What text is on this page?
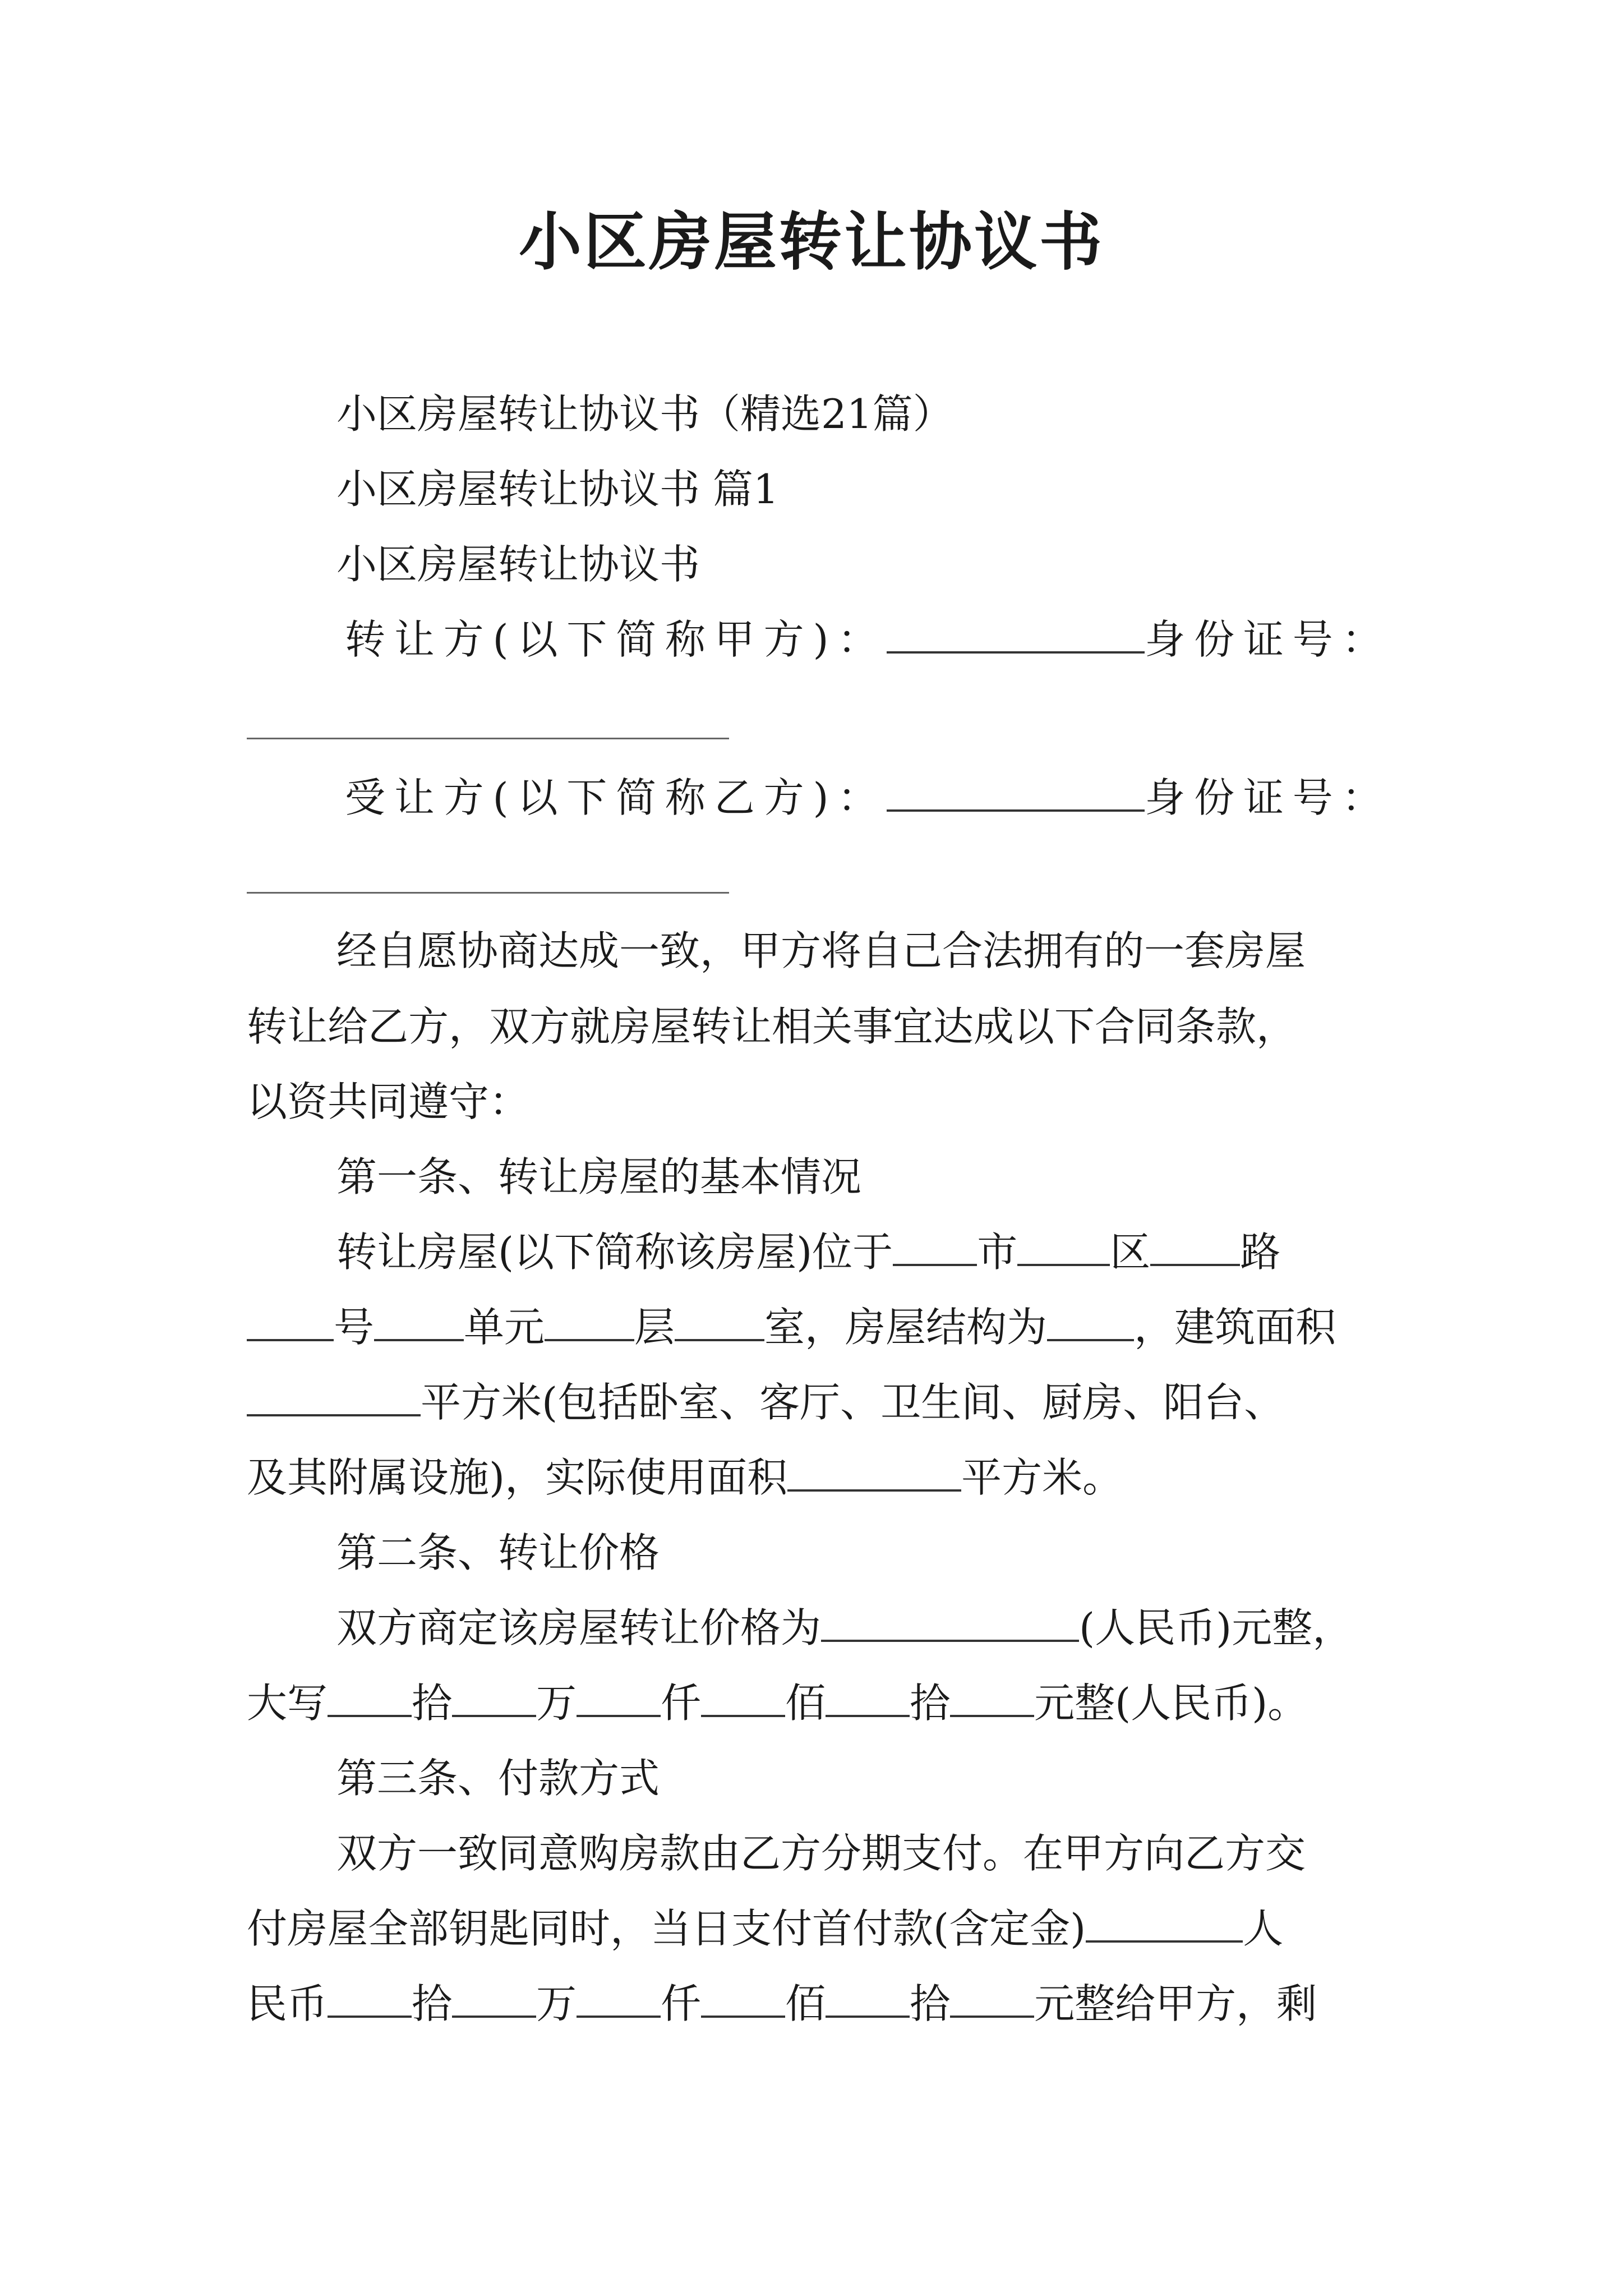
小区房屋转让协议书
小区房屋转让协议书（精选21篇）
小区房屋转让协议书 篇1
小区房屋转让协议书
转让方(以下简称甲方)：	身份证号：
受让方(以下简称乙方)：	身份证号：
经自愿协商达成一致，甲方将自己合法拥有的一套房屋
转让给乙方，双方就房屋转让相关事宜达成以下合同条款，
以资共同遵守：
第一条、转让房屋的基本情况
转让房屋(以下简称该房屋)位于 市 区 路
号 单元 层 室，房屋结构为 ，建筑面积
平方米(包括卧室、客厅、卫生间、厨房、阳台、
及其附属设施)，实际使用面积	平方米。
第二条、转让价格
双方商定该房屋转让价格为	(人民币)元整，
大写 拾 万 仟 佰 拾 元整(人民币)。
第三条、付款方式
双方一致同意购房款由乙方分期支付。在甲方向乙方交
付房屋全部钥匙同时，当日支付首付款(含定金)	人
民币 拾 万 仟 佰 拾 元整给甲方，剩
